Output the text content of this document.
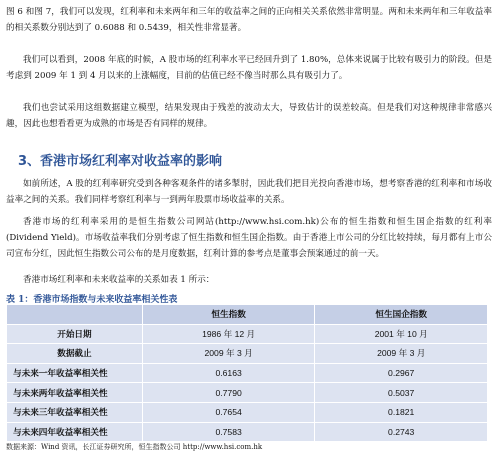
图 6 和图 7，我们可以发现，红利率和未来两年和三年的收益率之间的正向相关关系依然非常明显。两和未来两年和三年收益率的相关系数分别达到了 0.6088 和 0.5439，相关性非常显著。

我们可以看到，2008 年底的时候，A 股市场的红利率水平已经回升到了 1.80%，总体来说属于比较有吸引力的阶段。但是考虑到 2009 年 1 到 4 月以来的上涨幅度，目前的估值已经不像当时那么具有吸引力了。

我们也尝试采用这组数据建立模型，结果发现由于残差的波动太大，导致估计的误差较高。但是我们对这种规律非常感兴趣，因此也想看看更为成熟的市场是否有同样的规律。

3、香港市场红利率对收益率的影响

如前所述，A 股的红利率研究受到各种客观条件的诸多掣肘，因此我们把目光投向香港市场，想考察香港的红利率和市场收益率之间的关系。我们同样考察红利率与一到两年股票市场收益率的关系。

香港市场的红利率采用的是恒生指数公司网站(http://www.hsi.com.hk)公布的恒生指数和恒生国企指数的红利率(Dividend Yield)。市场收益率我们分别考虑了恒生指数和恒生国企指数。由于香港上市公司的分红比较持续，每月都有上市公司宣布分红，因此恒生指数公司公布的是月度数据，红利计算的参考点是董事会预案通过的前一天。

香港市场红利率和未来收益率的关系如表 1 所示：

表 1：香港市场指数与未来收益率相关性表

	恒生指数	恒生国企指数
开始日期	1986 年 12 月	2001 年 10 月
数据截止	2009 年 3 月	2009 年 3 月
与未来一年收益率相关性	0.6163	0.2967
与未来两年收益率相关性	0.7790	0.5037
与未来三年收益率相关性	0.7654	0.1821
与未来四年收益率相关性	0.7583	0.2743

数据来源：Wind 资讯，长江证券研究所，恒生指数公司 http://www.hsi.com.hk
